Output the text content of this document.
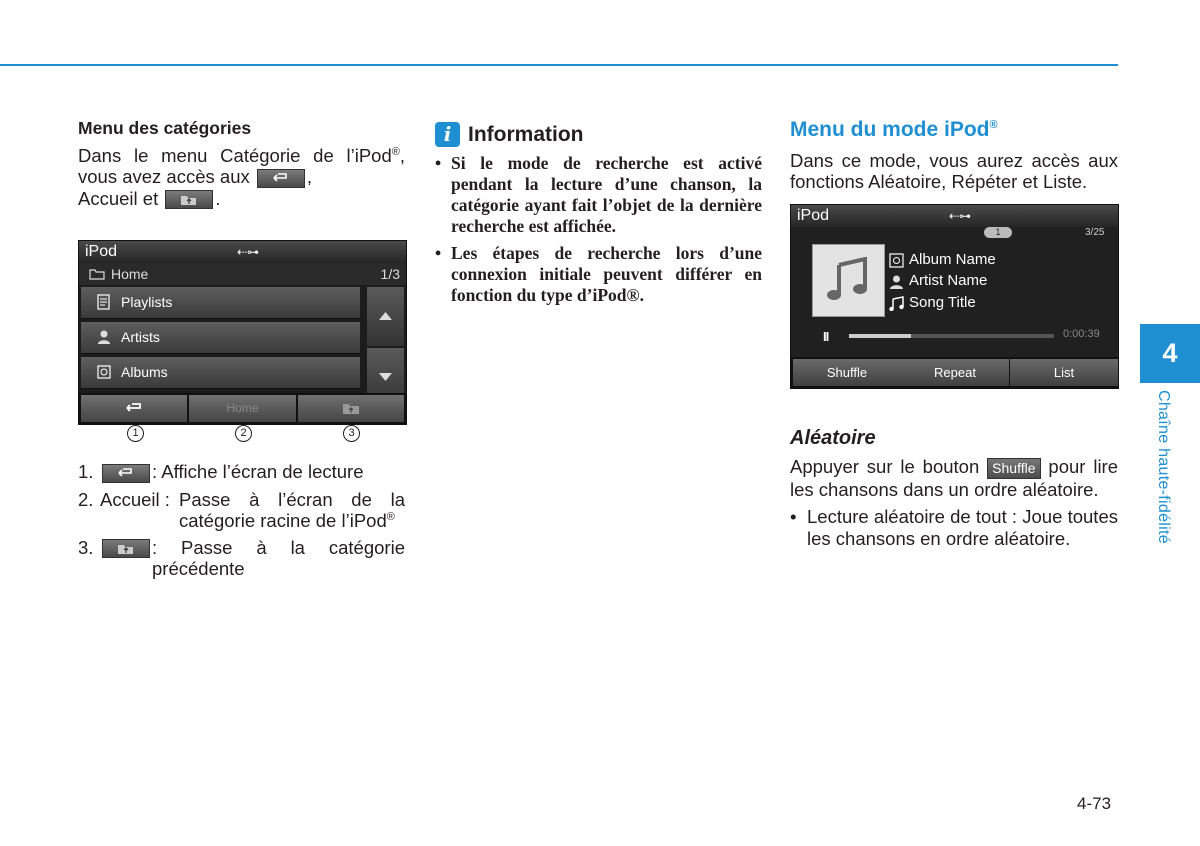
Menu des catégories
Dans le menu Catégorie de l’iPod®, vous avez accès aux	,
Accueil et	.
iPod	⇠⊶
Home	1/3
Playlists
Artists
Albums
Home
1	2	3
1.	: Affiche l’écran de lecture
2. Accueil : Passe à l’écran de la catégorie racine de l’iPod®
3.	: Passe à la catégorie précédente
i Information
• Si le mode de recherche est activé pendant la lecture d’une chanson, la catégorie ayant fait l’objet de la dernière recherche est affichée.
• Les étapes de recherche lors d’une connexion initiale peuvent différer en fonction du type d’iPod®.
Menu du mode iPod®
Dans ce mode, vous aurez accès aux fonctions Aléatoire, Répéter et Liste.
iPod	⇠⊶
1	3/25
Album Name
Artist Name
Song Title
II	0:00:39
Shuffle	Repeat	List
Aléatoire
Appuyer sur le bouton Shuffle pour lire les chansons dans un ordre aléatoire.
• Lecture aléatoire de tout : Joue toutes les chansons en ordre aléatoire.
4
Chaîne haute-fidélité
4-73
